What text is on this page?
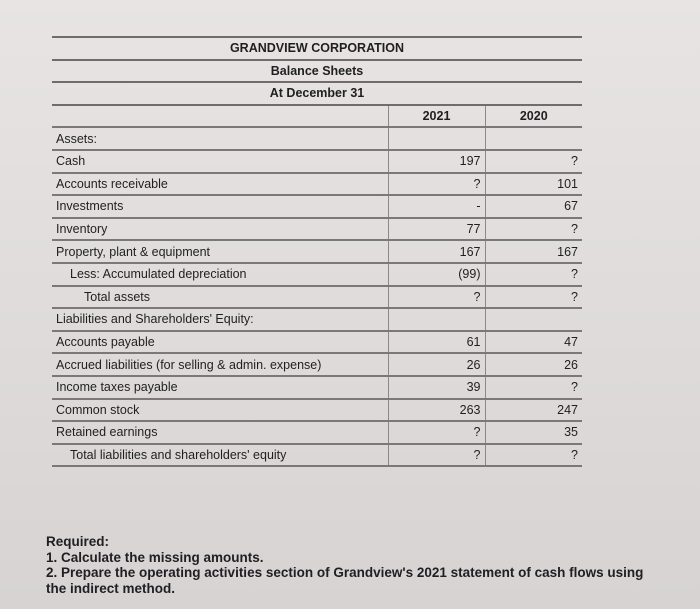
GRANDVIEW CORPORATION		
Balance Sheets		
At December 31		
	2021	2020
Assets:		
Cash	197	?
Accounts receivable	?	101
Investments	-	67
Inventory	77	?
Property, plant & equipment	167	167
Less: Accumulated depreciation	(99)	?
Total assets	?	?
Liabilities and Shareholders' Equity:		
Accounts payable	61	47
Accrued liabilities (for selling & admin. expense)	26	26
Income taxes payable	39	?
Common stock	263	247
Retained earnings	?	35
Total liabilities and shareholders' equity	?	?
Required:
1. Calculate the missing amounts.
2. Prepare the operating activities section of Grandview's 2021 statement of cash flows using the indirect method.
